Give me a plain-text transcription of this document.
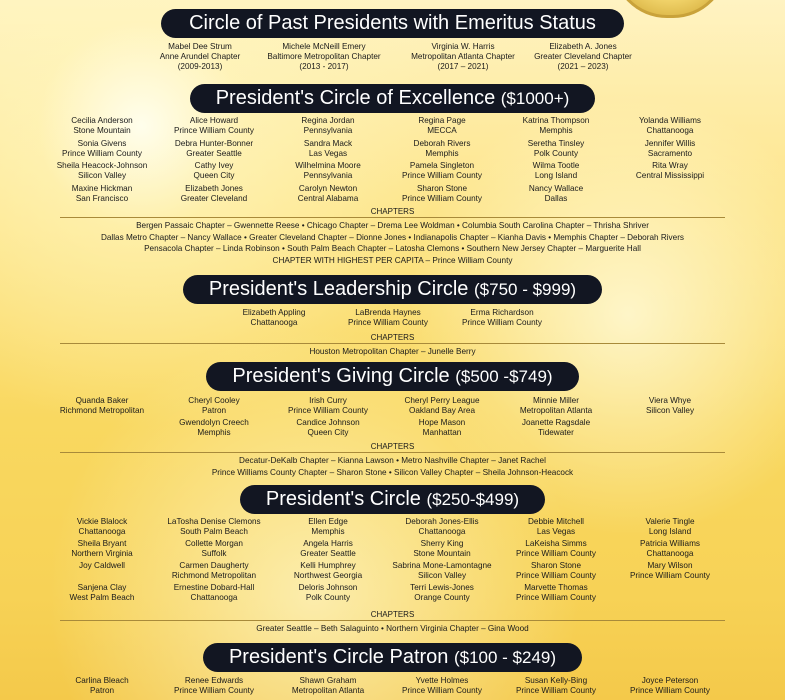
Circle of Past Presidents with Emeritus Status
Mabel Dee Strum
Anne Arundel Chapter
(2009-2013)
Michele McNeill Emery
Baltimore Metropolitan Chapter
(2013 - 2017)
Virginia W. Harris
Metropolitan Atlanta Chapter
(2017 – 2021)
Elizabeth A. Jones
Greater Cleveland Chapter
(2021 – 2023)
President's Circle of Excellence ($1000+)
Cecilia Anderson
Stone Mountain
Sonia Givens
Prince William County
Sheila Heacock-Johnson
Silicon Valley
Maxine Hickman
San Francisco
Alice Howard
Prince William County
Debra Hunter-Bonner
Greater Seattle
Cathy Ivey
Queen City
Elizabeth Jones
Greater Cleveland
Regina Jordan
Pennsylvania
Sandra Mack
Las Vegas
Wilhelmina Moore
Pennsylvania
Carolyn Newton
Central Alabama
Regina Page
MECCA
Deborah Rivers
Memphis
Pamela Singleton
Prince William County
Sharon Stone
Prince William County
Katrina Thompson
Memphis
Seretha Tinsley
Polk County
Wilma Tootle
Long Island
Nancy Wallace
Dallas
Yolanda Williams
Chattanooga
Jennifer Willis
Sacramento
Rita Wray
Central Mississippi
CHAPTERS
Bergen Passaic Chapter – Gwennette Reese • Chicago Chapter – Drema Lee Woldman • Columbia South Carolina Chapter – Thrisha Shriver
Dallas Metro Chapter – Nancy Wallace • Greater Cleveland Chapter – Dionne Jones • Indianapolis Chapter – Kianha Davis • Memphis Chapter – Deborah Rivers
Pensacola Chapter – Linda Robinson • South Palm Beach Chapter – Latosha Clemons • Southern New Jersey Chapter – Marguerite Hall
CHAPTER WITH HIGHEST PER CAPITA – Prince William County
President's Leadership Circle ($750 - $999)
Elizabeth Appling
Chattanooga
LaBrenda Haynes
Prince William County
Erma Richardson
Prince William County
CHAPTERS
Houston Metropolitan Chapter – Junelle Berry
President's Giving Circle ($500 -$749)
Quanda Baker
Richmond Metropolitan
Cheryl Cooley
Patron
Gwendolyn Creech
Memphis
Irish Curry
Prince William County
Candice Johnson
Queen City
Cheryl Perry League
Oakland Bay Area
Hope Mason
Manhattan
Minnie Miller
Metropolitan Atlanta
Joanette Ragsdale
Tidewater
Viera Whye
Silicon Valley
CHAPTERS
Decatur-DeKalb Chapter – Kianna Lawson • Metro Nashville Chapter – Janet Rachel
Prince Williams County Chapter – Sharon Stone • Silicon Valley Chapter – Sheila Johnson-Heacock
President's Circle ($250-$499)
Vickie Blalock
Chattanooga
Sheila Bryant
Northern Virginia
Joy Caldwell

Sanjena Clay
West Palm Beach
LaTosha Denise Clemons
South Palm Beach
Collette Morgan
Suffolk
Carmen Daugherty
Richmond Metropolitan
Ernestine Dobard-Hall
Chattanooga
Ellen Edge
Memphis
Angela Harris
Greater Seattle
Kelli Humphrey
Northwest Georgia
Deloris Johnson
Polk County
Deborah Jones-Ellis
Chattanooga
Sherry King
Stone Mountain
Sabrina Mone-Lamontagne
Silicon Valley
Terri Lewis-Jones
Orange County
Debbie Mitchell
Las Vegas
LaKeisha Simms
Prince William County
Sharon Stone
Prince William County
Marvette Thomas
Prince William County
Valerie Tingle
Long Island
Patricia Williams
Chattanooga
Mary Wilson
Prince William County
CHAPTERS
Greater Seattle – Beth Salaguinto • Northern Virginia Chapter – Gina Wood
President's Circle Patron ($100 - $249)
Carlina Bleach
Patron
Renee Edwards
Prince William County
Shawn Graham
Metropolitan Atlanta
Yvette Holmes
Prince William County
Susan Kelly-Bing
Prince William County
Joyce Peterson
Prince William County
